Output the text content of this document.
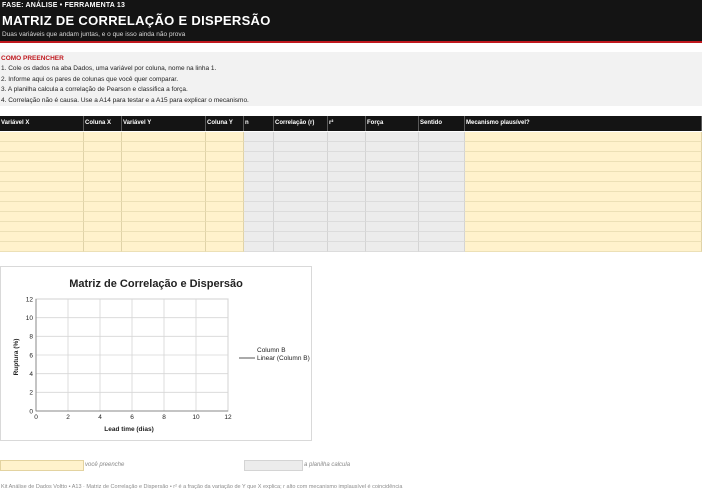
FASE: ANÁLISE • FERRAMENTA 13
MATRIZ DE CORRELAÇÃO E DISPERSÃO
Duas variáveis que andam juntas, e o que isso ainda não prova
COMO PREENCHER
1. Cole os dados na aba Dados, uma variável por coluna, nome na linha 1.
2. Informe aqui os pares de colunas que você quer comparar.
3. A planilha calcula a correlação de Pearson e classifica a força.
4. Correlação não é causa. Use a A14 para testar e a A15 para explicar o mecanismo.
Variável X	Coluna X	Variável Y	Coluna Y	n	Correlação (r)	r²	Força	Sentido	Mecanismo plausível?
Matriz de Correlação e Dispersão
Lead time (dias)
Ruptura (%)
0	2	4	6	8	10	12
0
2
4
6
8
10
12
Column B
Linear (Column B)
você preenche	a planilha calcula
Kit Análise de Dados Voltto • A13 · Matriz de Correlação e Dispersão • r² é a fração da variação de Y que X explica; r alto com mecanismo implausível é coincidência
